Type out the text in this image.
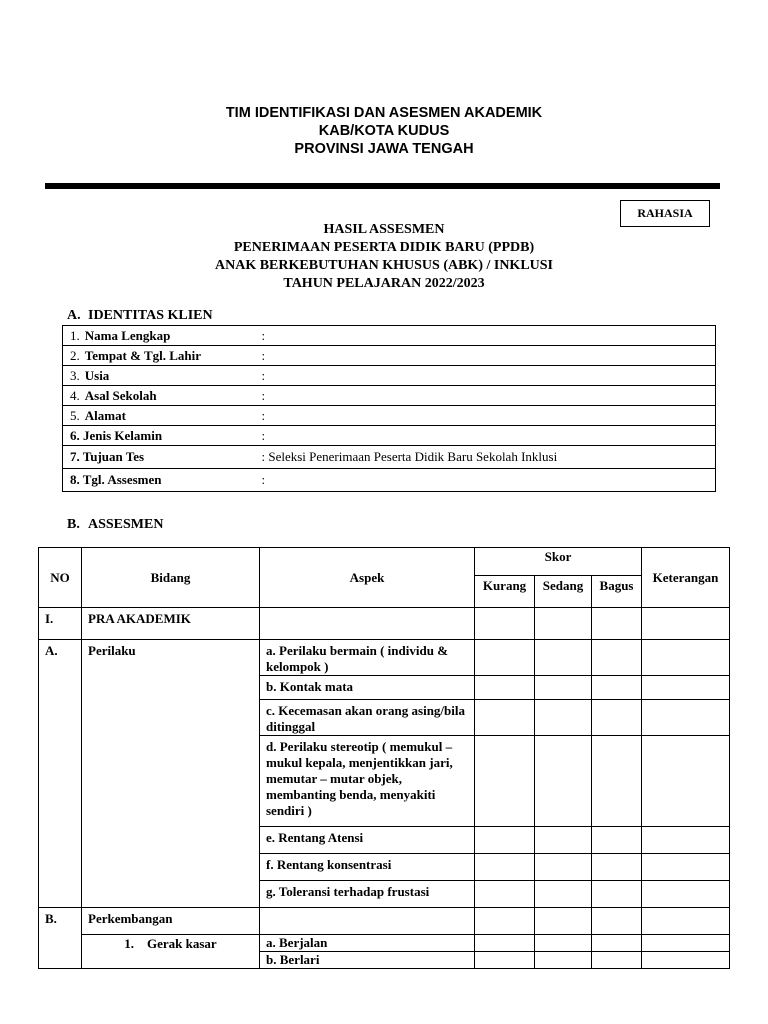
TIM IDENTIFIKASI DAN ASESMEN AKADEMIK
KAB/KOTA KUDUS
PROVINSI JAWA TENGAH
RAHASIA
HASIL ASSESMEN
PENERIMAAN PESERTA DIDIK BARU (PPDB)
ANAK BERKEBUTUHAN KHUSUS (ABK) / INKLUSI
TAHUN PELAJARAN 2022/2023
A. IDENTITAS KLIEN
1. Nama Lengkap	:
2. Tempat & Tgl. Lahir	:
3. Usia	:
4. Asal Sekolah	:
5. Alamat	:
6. Jenis Kelamin	:
7. Tujuan Tes	: Seleksi Penerimaan Peserta Didik Baru Sekolah Inklusi
8. Tgl. Assesmen	:
B. ASSESMEN
NO	Bidang	Aspek	Skor			Keterangan
			Kurang	Sedang	Bagus	
I.	PRA AKADEMIK					
A.	Perilaku	a. Perilaku bermain ( individu & kelompok )				
		b. Kontak mata				
		c. Kecemasan akan orang asing/bila ditinggal				
		d. Perilaku stereotip ( memukul – mukul kepala, menjentikkan jari, memutar – mutar objek, membanting benda, menyakiti sendiri )				
		e. Rentang Atensi				
		f. Rentang konsentrasi				
		g. Toleransi terhadap frustasi				
B.	Perkembangan					
	1.    Gerak kasar	a. Berjalan				
		b. Berlari				
